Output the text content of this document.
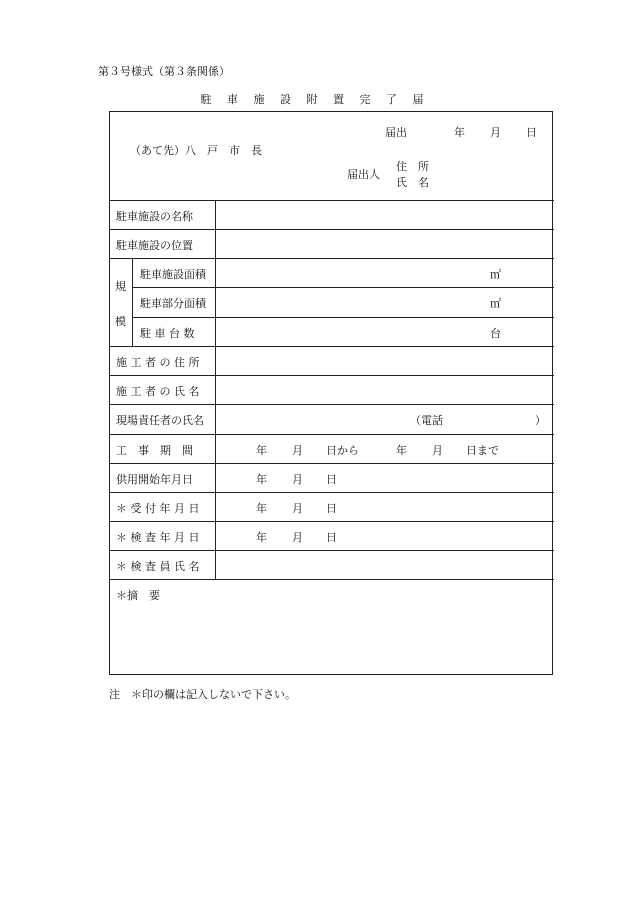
第３号様式（第３条関係）
駐 車 施 設 附 置 完 了 届
届出	年 月 日
（あて先）八　戸　市　長
届出人
住　所
氏　名
駐車施設の名称
駐車施設の位置
規
模
駐車施設面積	㎡
駐車部分面積	㎡
駐 車 台 数	台
施 工 者 の 住 所
施 工 者 の 氏 名
現場責任者の氏名	（電話	）
工　事　期　間	年 月 日から	年 月 日まで
供用開始年月日	年 月 日
＊ 受 付 年 月 日	年 月 日
＊ 検 査 年 月 日	年 月 日
＊ 検 査 員 氏 名
＊摘　要
注　＊印の欄は記入しないで下さい。
